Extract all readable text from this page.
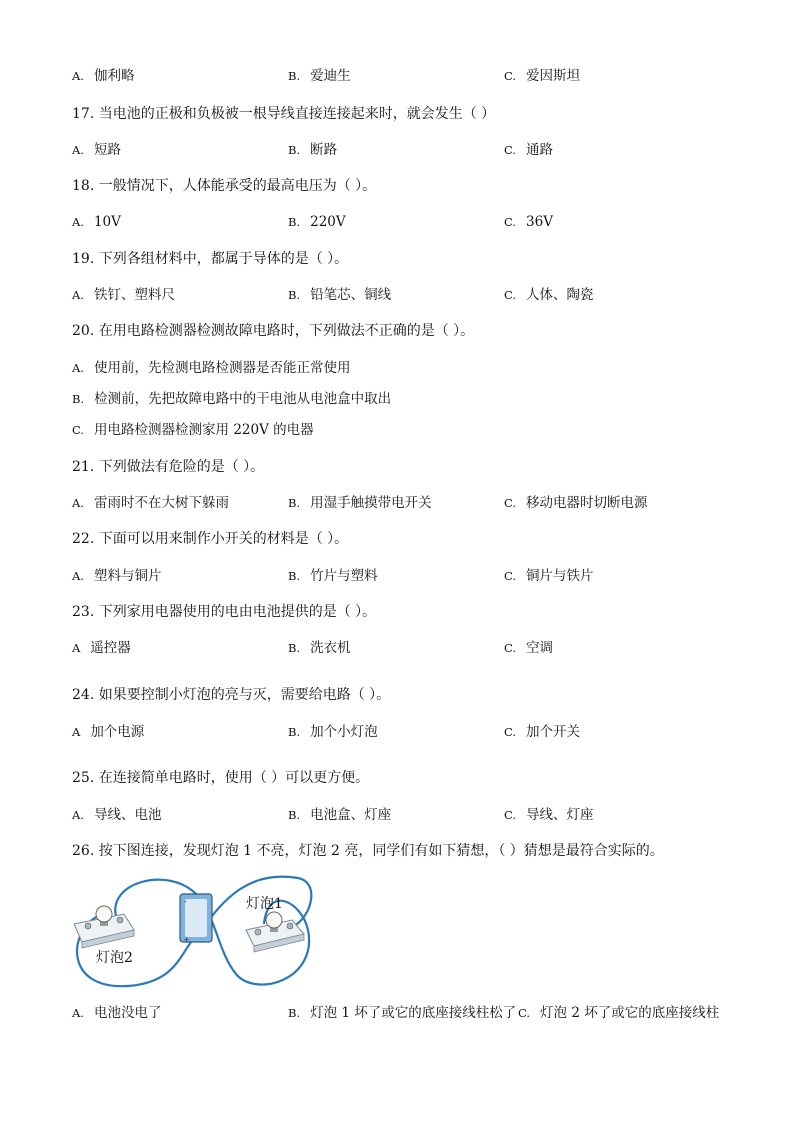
A. 伽利略	B. 爱迪生	C. 爱因斯坦
17. 当电池的正极和负极被一根导线直接连接起来时，就会发生（ ）
A. 短路	B. 断路	C. 通路
18. 一般情况下，人体能承受的最高电压为（ ）。
A. 10V	B. 220V	C. 36V
19. 下列各组材料中，都属于导体的是（ ）。
A. 铁钉、塑料尺	B. 铅笔芯、铜线	C. 人体、陶瓷
20. 在用电路检测器检测故障电路时，下列做法不正确的是（ ）。
A. 使用前，先检测电路检测器是否能正常使用
B. 检测前，先把故障电路中的干电池从电池盒中取出
C. 用电路检测器检测家用 220V 的电器
21. 下列做法有危险的是（ ）。
A. 雷雨时不在大树下躲雨	B. 用湿手触摸带电开关	C. 移动电器时切断电源
22. 下面可以用来制作小开关的材料是（ ）。
A. 塑料与铜片	B. 竹片与塑料	C. 铜片与铁片
23. 下列家用电器使用的电由电池提供的是（ ）。
A 遥控器	B. 洗衣机	C. 空调
24. 如果要控制小灯泡的亮与灭，需要给电路（ ）。
A 加个电源	B. 加个小灯泡	C. 加个开关
25. 在连接简单电路时，使用（ ）可以更方便。
A. 导线、电池	B. 电池盒、灯座	C. 导线、灯座
26. 按下图连接，发现灯泡 1 不亮，灯泡 2 亮，同学们有如下猜想，（ ）猜想是最符合实际的。
-
+
灯泡1
灯泡2
A. 电池没电了	B. 灯泡 1 坏了或它的底座接线柱松了 C. 灯泡 2 坏了或它的底座接线柱
